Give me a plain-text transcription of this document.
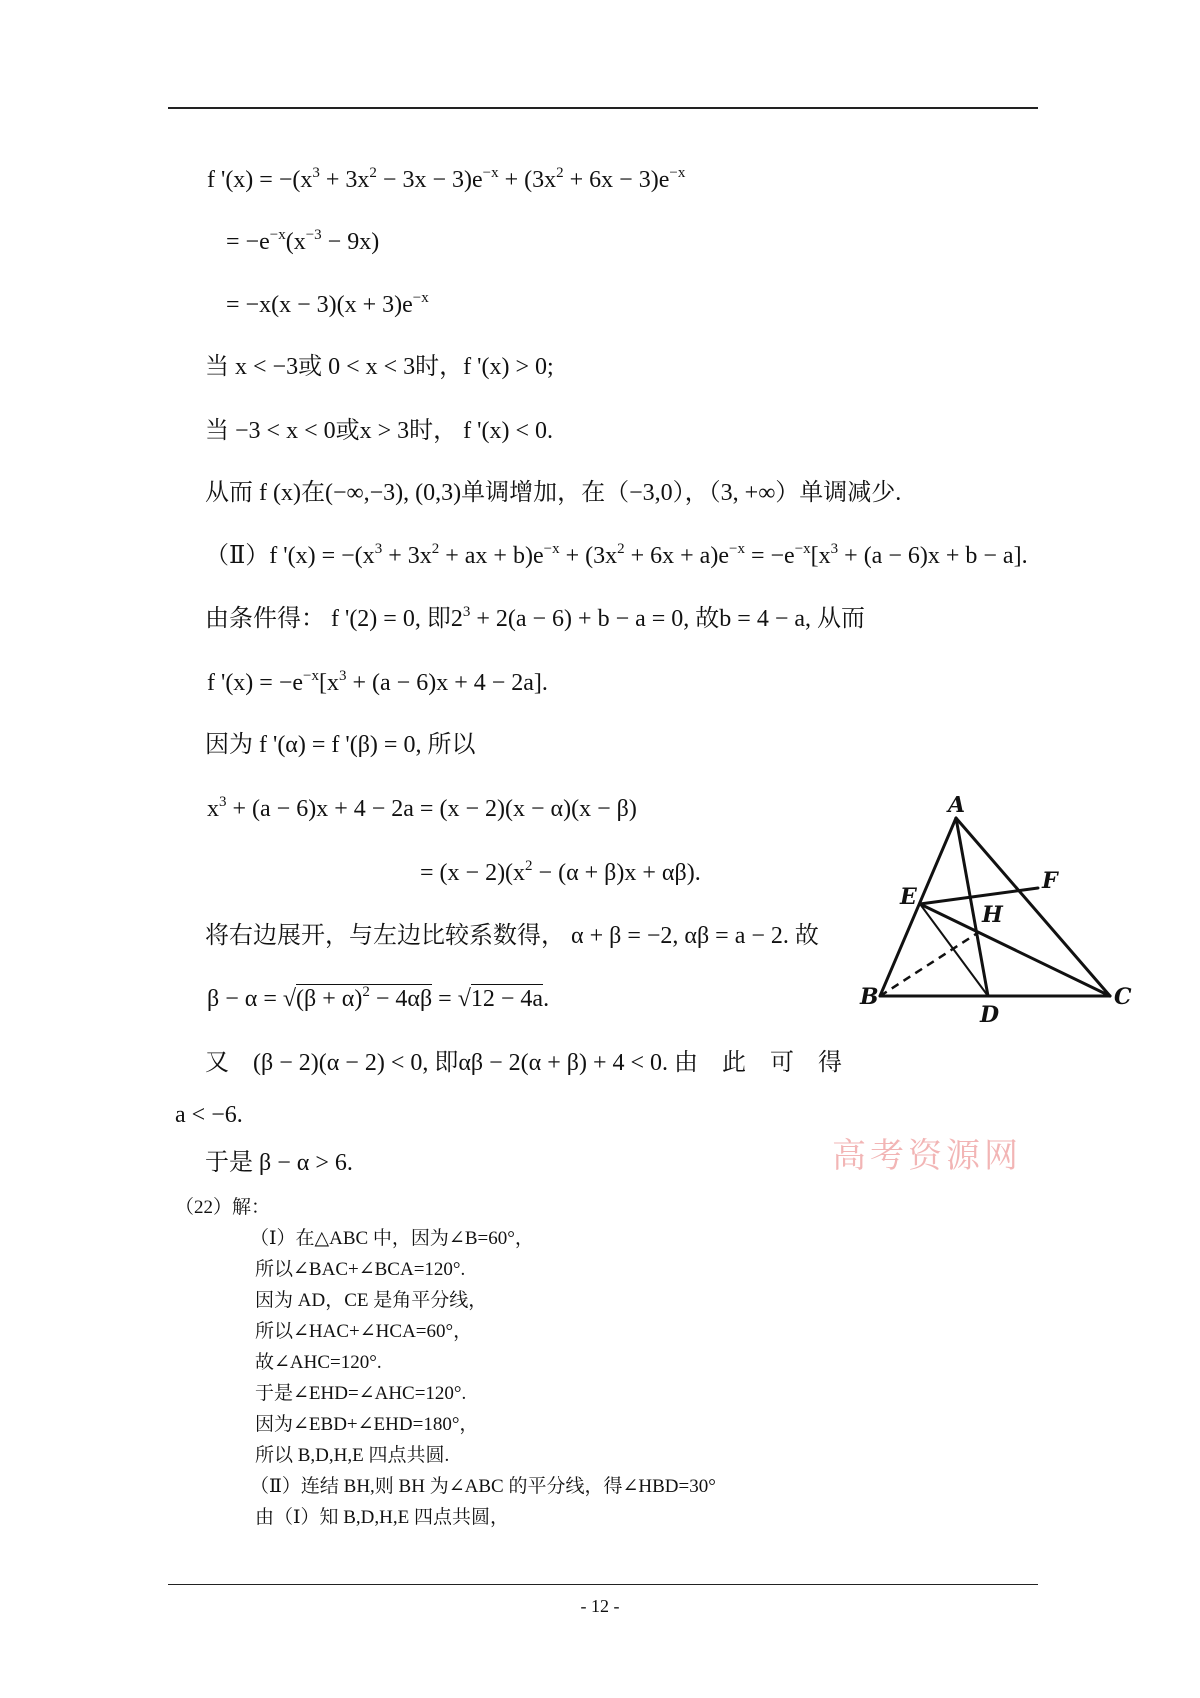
f '$(x) = -(x^3 + 3x^2 - 3x - 3)e^{-x} + (3x^2 + 6x - 3)e^{-x}$
= $-e^{-x}(x^{-3} - 9x)$
= $-x(x - 3)(x + 3)e^{-x}$
当 x < −3或 0 < x < 3时，f '(x) > 0;
当 −3 < x < 0或x > 3时， f '(x) < 0.
从而 f (x)在(−∞,−3), (0,3)单调增加，在（−3,0），（3, +∞）单调减少.
（Ⅱ）f '$(x) = -(x^3 + 3x^2$ + ax + $b)e^{-x} + (3x^2 + 6x + a)e^{-x} = -e^{-x}[x^3 + (a - 6)x + b - a]$.
由条件得： f '(2) = 0, 即$2^3 + 2(a - 6) + b - a = 0$, 故b = 4 − a, 从而
f '$(x) = -e^{-x}[x^3 + (a - 6)x + 4 - 2a]$.
因为 f '(α) = f '(β) = 0, 所以
$x^3 + (a - 6)x + 4 - 2a = (x - 2)(x - \alpha)(x - \beta)$
= $(x - 2)(x^2 - (\alpha + \beta)x + \alpha\beta)$.
将右边展开，与左边比较系数得， α + β = −2, αβ = a − 2. 故
$\beta - \alpha = √(\beta + \alpha)^2 - 4\alpha\beta = √12 - 4a$.
又　(β − 2)(α − 2) < 0, 即αβ − 2(α + β) + 4 < 0. 由　此　可　得
a < −6.
于是 β − α > 6.
（22）解：
（Ⅰ）在△ABC 中，因为∠B=60°，
所以∠BAC+∠BCA=120°.
因为 AD，CE 是角平分线，
所以∠HAC+∠HCA=60°，
故∠AHC=120°.
于是∠EHD=∠AHC=120°.
因为∠EBD+∠EHD=180°，
所以 B,D,H,E 四点共圆.
（Ⅱ）连结 BH,则 BH 为∠ABC 的平分线，得∠HBD=30°
由（Ⅰ）知 B,D,H,E 四点共圆，
A
B	C
D
E
F
H
高考资源网
- 12 -
